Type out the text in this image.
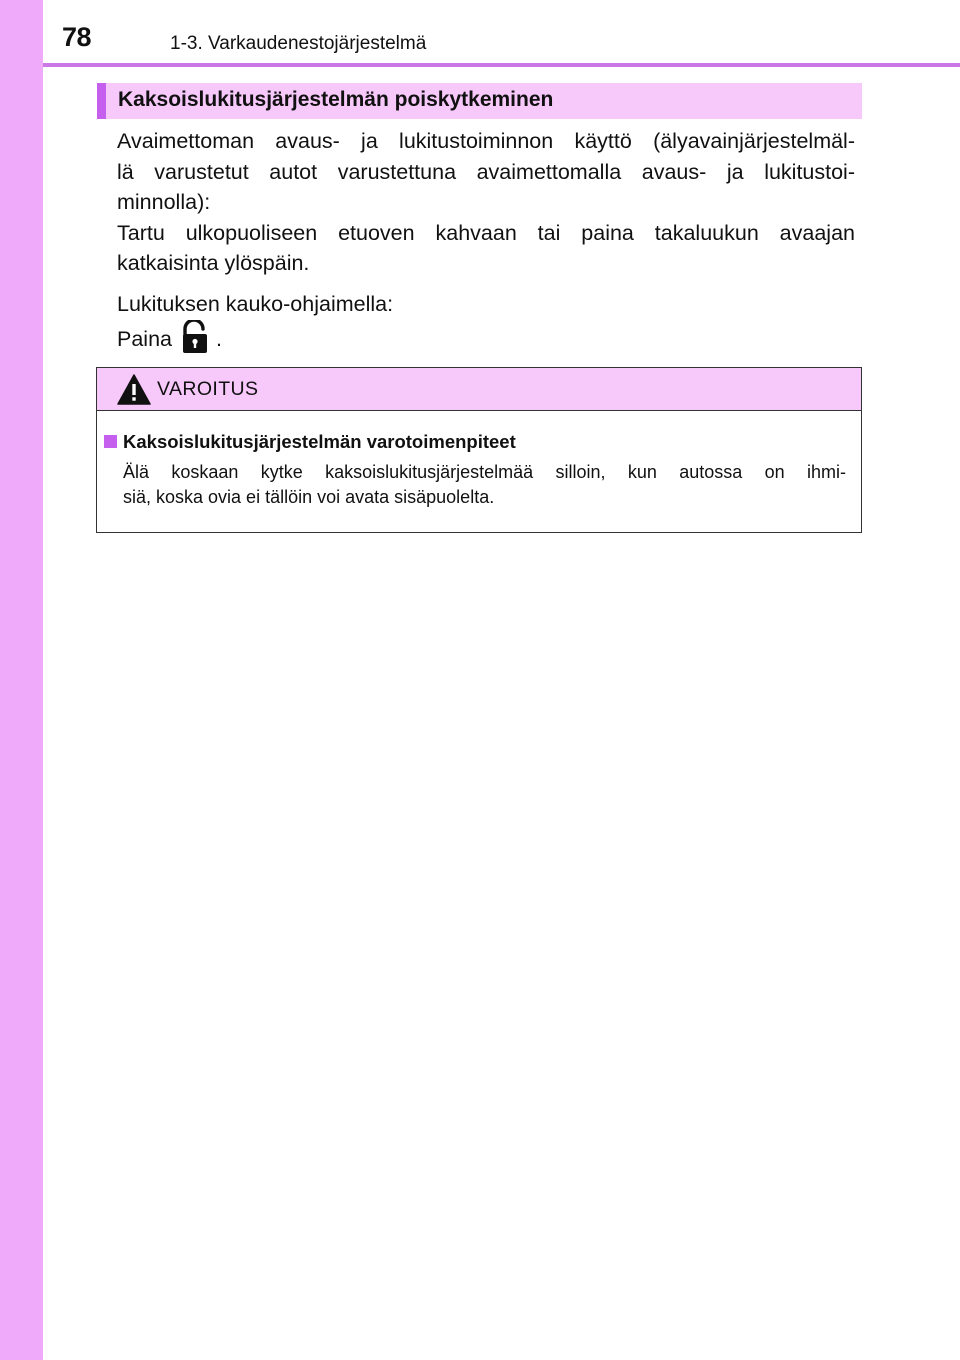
78	1-3. Varkaudenestojärjestelmä
Kaksoislukitusjärjestelmän poiskytkeminen

Avaimettoman avaus- ja lukitustoiminnon käyttö (älyavainjärjestelmäl-
lä varustetut autot varustettuna avaimettomalla avaus- ja lukitustoi-
minnolla):
Tartu ulkopuoliseen etuoven kahvaan tai paina takaluukun avaajan
katkaisinta ylöspäin.

Lukituksen kauko-ohjaimella:
Paina .

VAROITUS
Kaksoislukitusjärjestelmän varotoimenpiteet
Älä koskaan kytke kaksoislukitusjärjestelmää silloin, kun autossa on ihmi-
siä, koska ovia ei tällöin voi avata sisäpuolelta.
